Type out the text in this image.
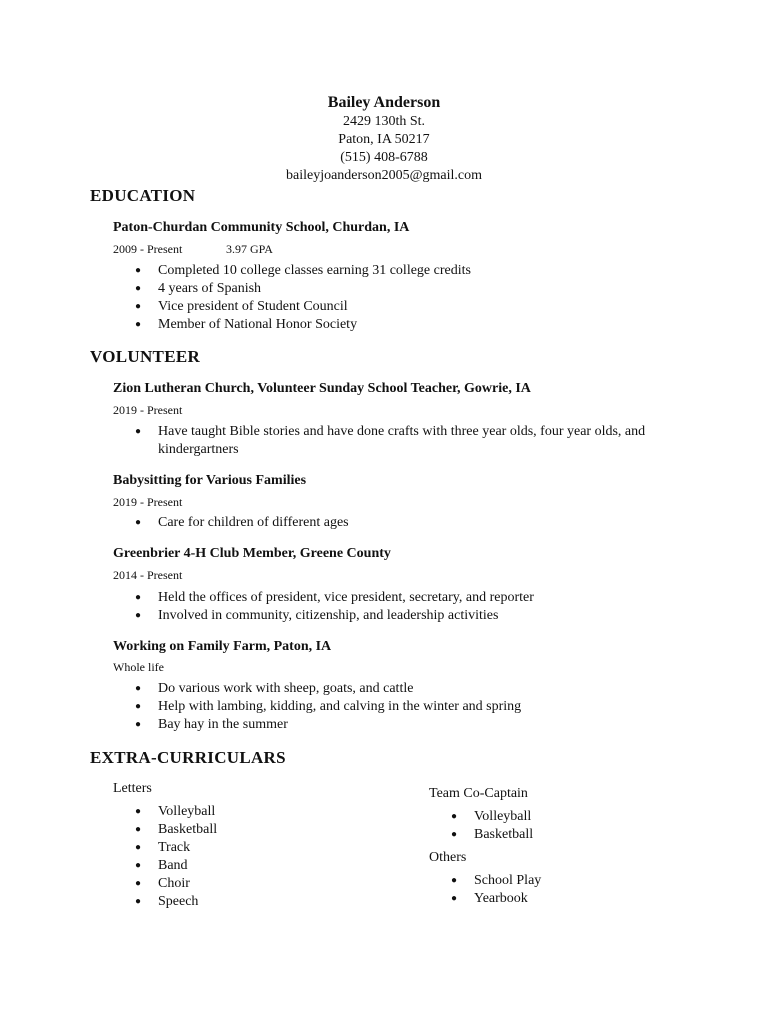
Bailey Anderson
2429 130th St.
Paton, IA 50217
(515) 408-6788
baileyjoanderson2005@gmail.com
EDUCATION
Paton-Churdan Community School, Churdan, IA
2009 - Present	3.97 GPA
● Completed 10 college classes earning 31 college credits
● 4 years of Spanish
● Vice president of Student Council
● Member of National Honor Society
VOLUNTEER
Zion Lutheran Church, Volunteer Sunday School Teacher, Gowrie, IA
2019 - Present
● Have taught Bible stories and have done crafts with three year olds, four year olds, and kindergartners
Babysitting for Various Families
2019 - Present
● Care for children of different ages
Greenbrier 4-H Club Member, Greene County
2014 - Present
● Held the offices of president, vice president, secretary, and reporter
● Involved in community, citizenship, and leadership activities
Working on Family Farm, Paton, IA
Whole life
● Do various work with sheep, goats, and cattle
● Help with lambing, kidding, and calving in the winter and spring
● Bay hay in the summer
EXTRA-CURRICULARS
Letters
● Volleyball
● Basketball
● Track
● Band
● Choir
● Speech
Team Co-Captain
● Volleyball
● Basketball
Others
● School Play
● Yearbook
